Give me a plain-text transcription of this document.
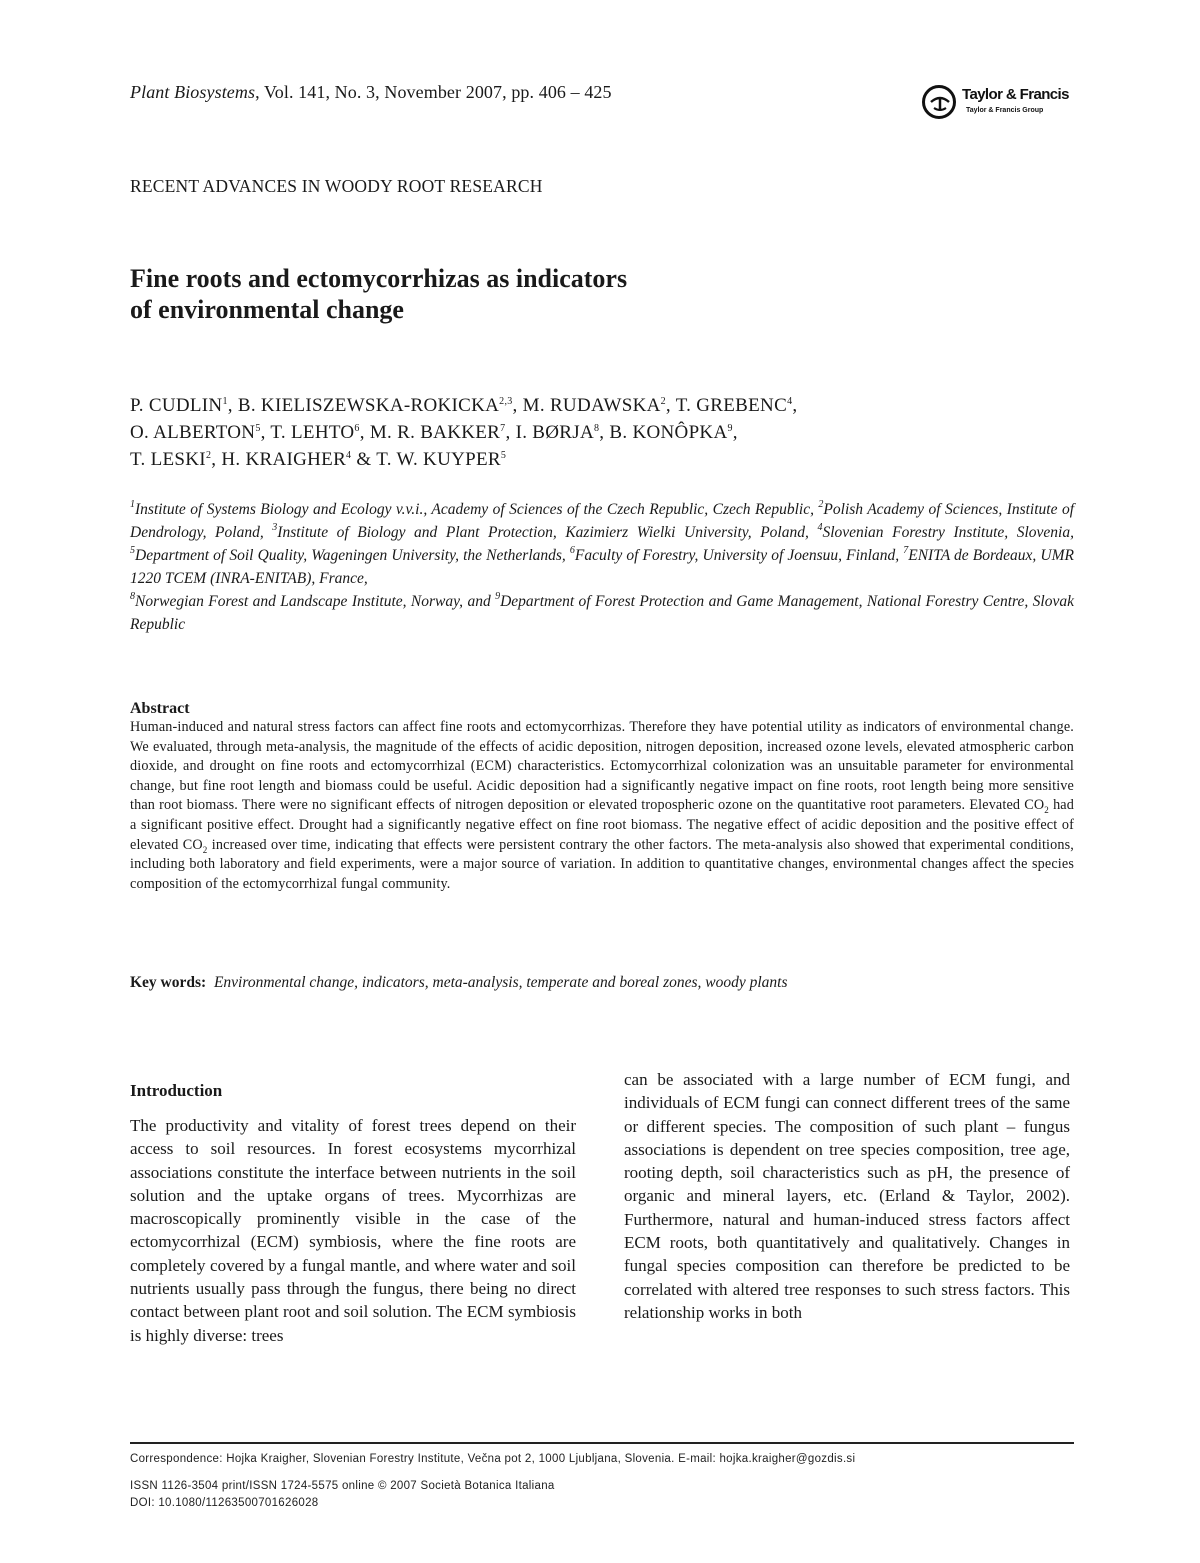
Plant Biosystems, Vol. 141, No. 3, November 2007, pp. 406 – 425	Taylor & Francis
Taylor & Francis Group
RECENT ADVANCES IN WOODY ROOT RESEARCH
Fine roots and ectomycorrhizas as indicators
of environmental change
P. CUDLIN$^1$, B. KIELISZEWSKA-ROKICKA$^{2,3}$, M. RUDAWSKA$^2$, T. GREBENC$^4$,
O. ALBERTON$^5$, T. LEHTO$^6$, M. R. BAKKER$^7$, I. BØRJA$^8$, B. KONÔPKA$^9$,
T. LESKI$^2$, H. KRAIGHER$^4$ & T. W. KUYPER$^5$
$^1$Institute of Systems Biology and Ecology v.v.i., Academy of Sciences of the Czech Republic, Czech Republic, $^2$Polish Academy of Sciences, Institute of Dendrology, Poland, $^3$Institute of Biology and Plant Protection, Kazimierz Wielki University, Poland, $^4$Slovenian Forestry Institute, Slovenia, $^5$Department of Soil Quality, Wageningen University, the Netherlands, $^6$Faculty of Forestry, University of Joensuu, Finland, $^7$ENITA de Bordeaux, UMR 1220 TCEM (INRA-ENITAB), France,
$^8$Norwegian Forest and Landscape Institute, Norway, and $^9$Department of Forest Protection and Game Management, National Forestry Centre, Slovak Republic
Abstract
Human-induced and natural stress factors can affect fine roots and ectomycorrhizas. Therefore they have potential utility as indicators of environmental change. We evaluated, through meta-analysis, the magnitude of the effects of acidic deposition, nitrogen deposition, increased ozone levels, elevated atmospheric carbon dioxide, and drought on fine roots and ectomycorrhizal (ECM) characteristics. Ectomycorrhizal colonization was an unsuitable parameter for environmental change, but fine root length and biomass could be useful. Acidic deposition had a significantly negative impact on fine roots, root length being more sensitive than root biomass. There were no significant effects of nitrogen deposition or elevated tropospheric ozone on the quantitative root parameters. Elevated $CO_2$ had a significant positive effect. Drought had a significantly negative effect on fine root biomass. The negative effect of acidic deposition and the positive effect of elevated $CO_2$ increased over time, indicating that effects were persistent contrary the other factors. The meta-analysis also showed that experimental conditions, including both laboratory and field experiments, were a major source of variation. In addition to quantitative changes, environmental changes affect the species composition of the ectomycorrhizal fungal community.
Key words: Environmental change, indicators, meta-analysis, temperate and boreal zones, woody plants
Introduction
The productivity and vitality of forest trees depend on their access to soil resources. In forest ecosystems mycorrhizal associations constitute the interface between nutrients in the soil solution and the uptake organs of trees. Mycorrhizas are macroscopically prominently visible in the case of the ectomycorrhizal (ECM) symbiosis, where the fine roots are completely covered by a fungal mantle, and where water and soil nutrients usually pass through the fungus, there being no direct contact between plant root and soil solution. The ECM symbiosis is highly diverse: trees
can be associated with a large number of ECM fungi, and individuals of ECM fungi can connect different trees of the same or different species. The composition of such plant – fungus associations is dependent on tree species composition, tree age, rooting depth, soil characteristics such as pH, the presence of organic and mineral layers, etc. (Erland & Taylor, 2002). Furthermore, natural and human-induced stress factors affect ECM roots, both quantitatively and qualitatively. Changes in fungal species composition can therefore be predicted to be correlated with altered tree responses to such stress factors. This relationship works in both
Correspondence: Hojka Kraigher, Slovenian Forestry Institute, Večna pot 2, 1000 Ljubljana, Slovenia. E-mail: hojka.kraigher@gozdis.si
ISSN 1126-3504 print/ISSN 1724-5575 online © 2007 Società Botanica Italiana
DOI: 10.1080/11263500701626028
